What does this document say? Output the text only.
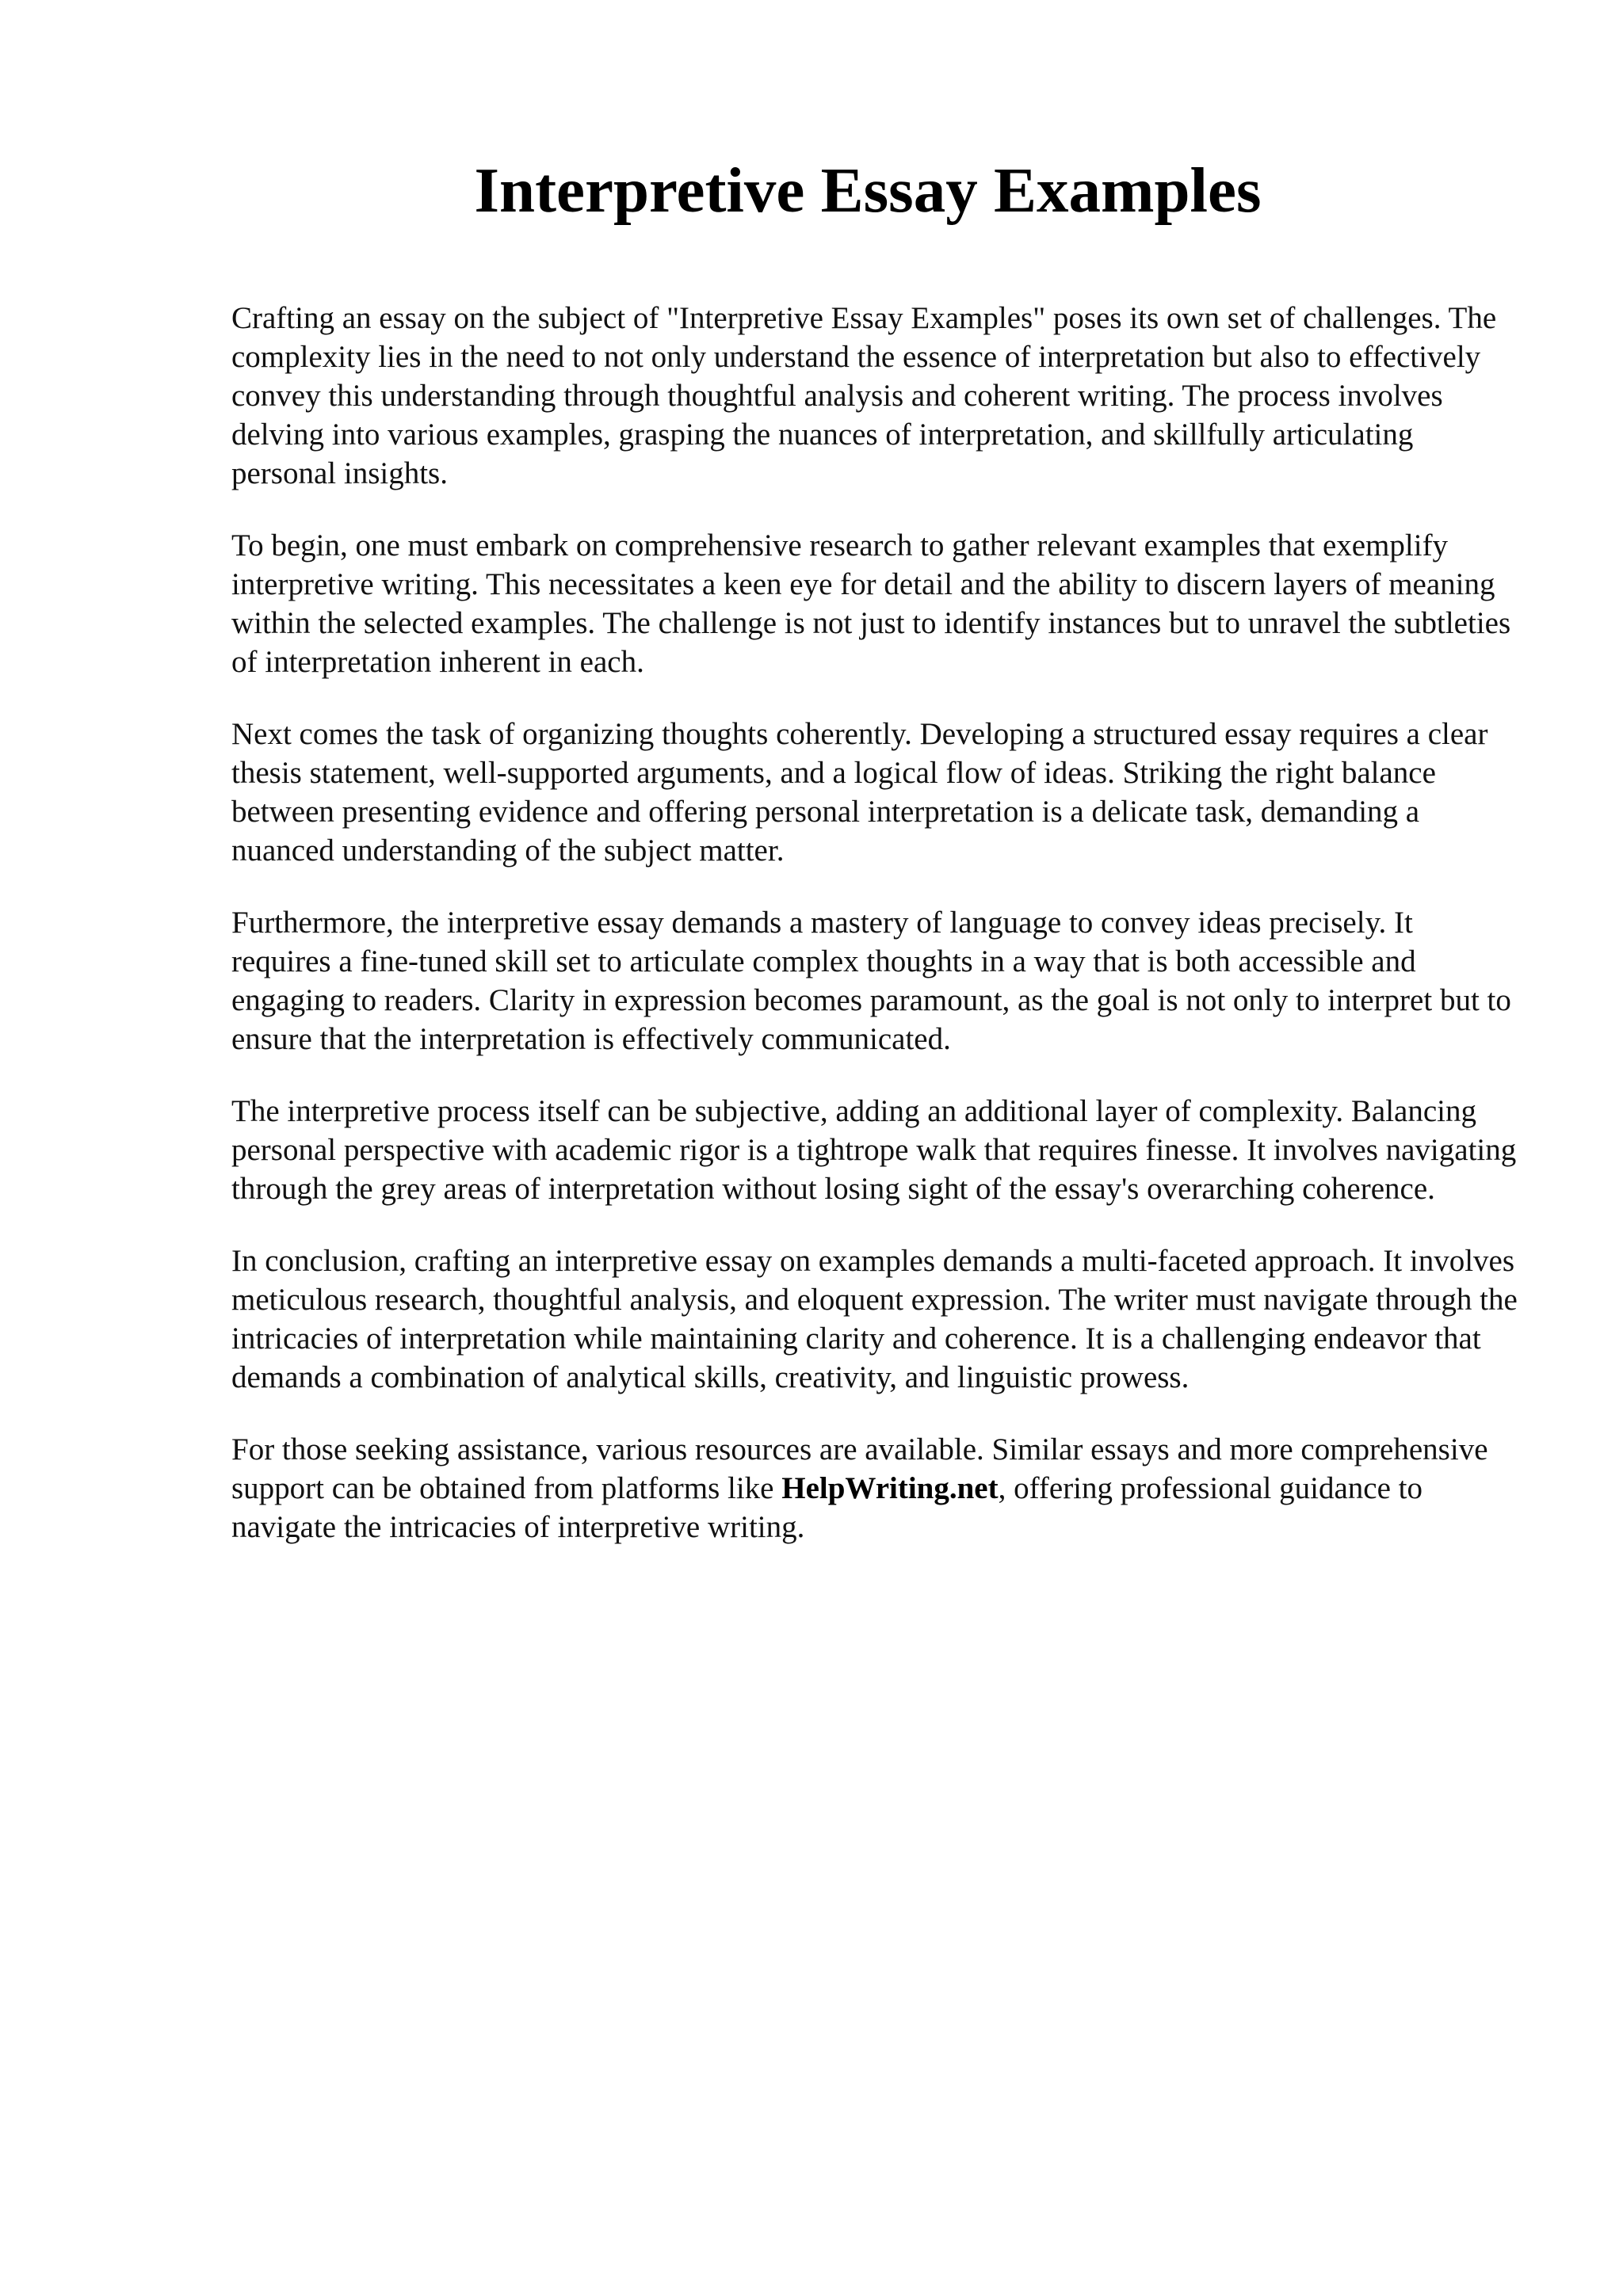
Interpretive Essay Examples

Crafting an essay on the subject of "Interpretive Essay Examples" poses its own set of challenges. The complexity lies in the need to not only understand the essence of interpretation but also to effectively convey this understanding through thoughtful analysis and coherent writing. The process involves delving into various examples, grasping the nuances of interpretation, and skillfully articulating personal insights.

To begin, one must embark on comprehensive research to gather relevant examples that exemplify interpretive writing. This necessitates a keen eye for detail and the ability to discern layers of meaning within the selected examples. The challenge is not just to identify instances but to unravel the subtleties of interpretation inherent in each.

Next comes the task of organizing thoughts coherently. Developing a structured essay requires a clear thesis statement, well-supported arguments, and a logical flow of ideas. Striking the right balance between presenting evidence and offering personal interpretation is a delicate task, demanding a nuanced understanding of the subject matter.

Furthermore, the interpretive essay demands a mastery of language to convey ideas precisely. It requires a fine-tuned skill set to articulate complex thoughts in a way that is both accessible and engaging to readers. Clarity in expression becomes paramount, as the goal is not only to interpret but to ensure that the interpretation is effectively communicated.

The interpretive process itself can be subjective, adding an additional layer of complexity. Balancing personal perspective with academic rigor is a tightrope walk that requires finesse. It involves navigating through the grey areas of interpretation without losing sight of the essay's overarching coherence.

In conclusion, crafting an interpretive essay on examples demands a multi-faceted approach. It involves meticulous research, thoughtful analysis, and eloquent expression. The writer must navigate through the intricacies of interpretation while maintaining clarity and coherence. It is a challenging endeavor that demands a combination of analytical skills, creativity, and linguistic prowess.

For those seeking assistance, various resources are available. Similar essays and more comprehensive support can be obtained from platforms like HelpWriting.net, offering professional guidance to navigate the intricacies of interpretive writing.
